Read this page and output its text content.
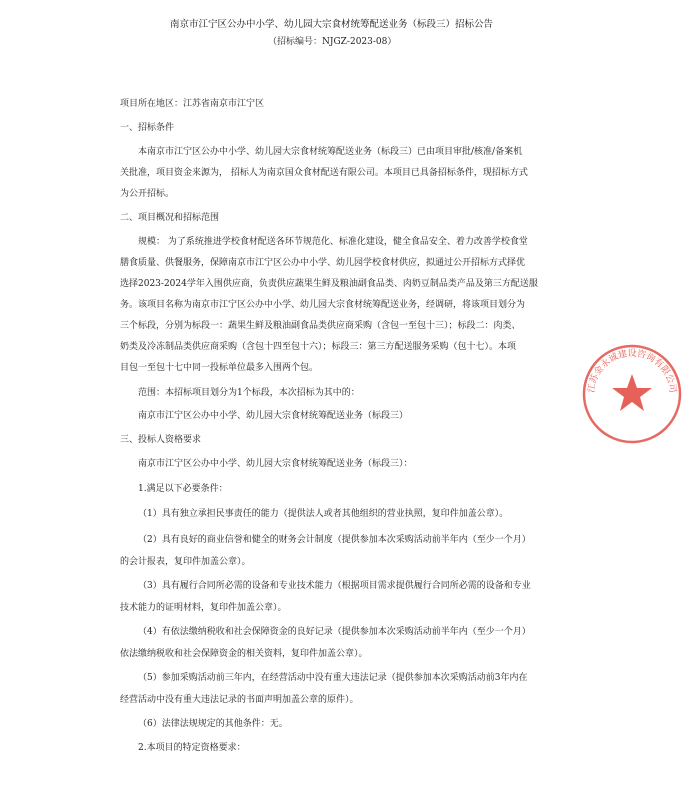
南京市江宁区公办中小学、幼儿园大宗食材统筹配送业务（标段三）招标公告
（招标编号：NJGZ-2023-08）
项目所在地区：江苏省南京市江宁区
一、招标条件
本南京市江宁区公办中小学、幼儿园大宗食材统筹配送业务（标段三）已由项目审批/核准/备案机
关批准，项目资金来源为， 招标人为南京国众食材配送有限公司。本项目已具备招标条件，现招标方式
为公开招标。
二、项目概况和招标范围
规模： 为了系统推进学校食材配送各环节规范化、标准化建设，健全食品安全、着力改善学校食堂
膳食质量、供餐服务，保障南京市江宁区公办中小学、幼儿园学校食材供应，拟通过公开招标方式择优
选择2023-2024学年入围供应商，负责供应蔬果生鲜及粮油副食品类、肉奶豆制品类产品及第三方配送服
务。该项目名称为南京市江宁区公办中小学、幼儿园大宗食材统筹配送业务，经调研，将该项目划分为
三个标段，分别为标段一：蔬果生鲜及粮油副食品类供应商采购（含包一至包十三）；标段二：肉类、
奶类及冷冻制品类供应商采购（含包十四至包十六）；标段三：第三方配送服务采购（包十七）。本项
目包一至包十七中同一投标单位最多入围两个包。
范围：本招标项目划分为1个标段，本次招标为其中的：
南京市江宁区公办中小学、幼儿园大宗食材统筹配送业务（标段三）
三、投标人资格要求
南京市江宁区公办中小学、幼儿园大宗食材统筹配送业务（标段三）：
1.满足以下必要条件：
（1）具有独立承担民事责任的能力（提供法人或者其他组织的营业执照，复印件加盖公章）。
（2）具有良好的商业信誉和健全的财务会计制度（提供参加本次采购活动前半年内（至少一个月）
的会计报表，复印件加盖公章）。
（3）具有履行合同所必需的设备和专业技术能力（根据项目需求提供履行合同所必需的设备和专业
技术能力的证明材料，复印件加盖公章）。
（4）有依法缴纳税收和社会保障资金的良好记录（提供参加本次采购活动前半年内（至少一个月）
依法缴纳税收和社会保障资金的相关资料，复印件加盖公章）。
（5）参加采购活动前三年内，在经营活动中没有重大违法记录（提供参加本次采购活动前3年内在
经营活动中没有重大违法记录的书面声明加盖公章的原件）。
（6）法律法规规定的其他条件：无。
2.本项目的特定资格要求：
江苏金永诚建设咨询有限公司
